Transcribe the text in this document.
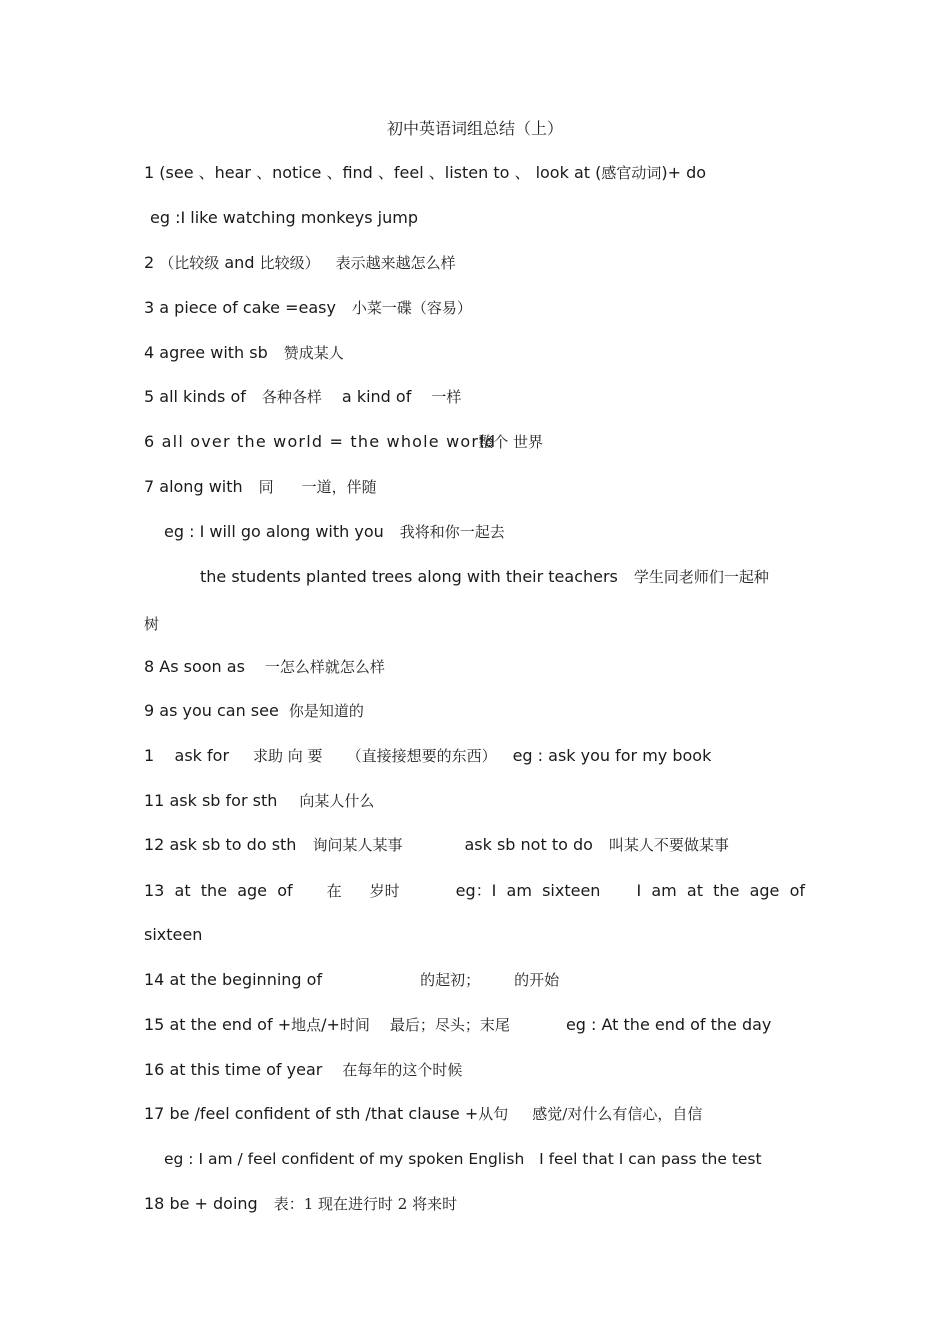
初中英语词组总结（上）
1 (see 、hear 、notice 、find 、feel 、listen to 、 look at (感官动词)+ do
eg :I like watching monkeys jump
2 （比较级 and 比较级） 表示越来越怎么样
3 a piece of cake =easy 小菜一碟（容易）
4 agree with sb 赞成某人
5 all kinds of 各种各样 a kind of 一样
6 all over the world = the whole world整个 世界
7 along with 同 一道，伴随
eg : I will go along with you 我将和你一起去
the students planted trees along with their teachers 学生同老师们一起种
树
8 As soon as 一怎么样就怎么样
9 as you can see 你是知道的
1    ask for 求助 向 要 （直接接想要的东西） eg : ask you for my book
11 ask sb for sth 向某人什么
12 ask sb to do sth 询问某人某事	ask sb not to do 叫某人不要做某事
13  at  the  age  of 在 岁时	eg：I  am  sixteen I  am  at  the  age  of
sixteen
14 at the beginning of	的起初； 的开始
15 at the end of +地点/+时间 最后；尽头；末尾	eg : At the end of the day
16 at this time of year 在每年的这个时候
17 be /feel confident of sth /that clause +从句 感觉/对什么有信心，自信
eg : I am / feel confident of my spoken English   I feel that I can pass the test
18 be + doing 表：1 现在进行时 2 将来时
